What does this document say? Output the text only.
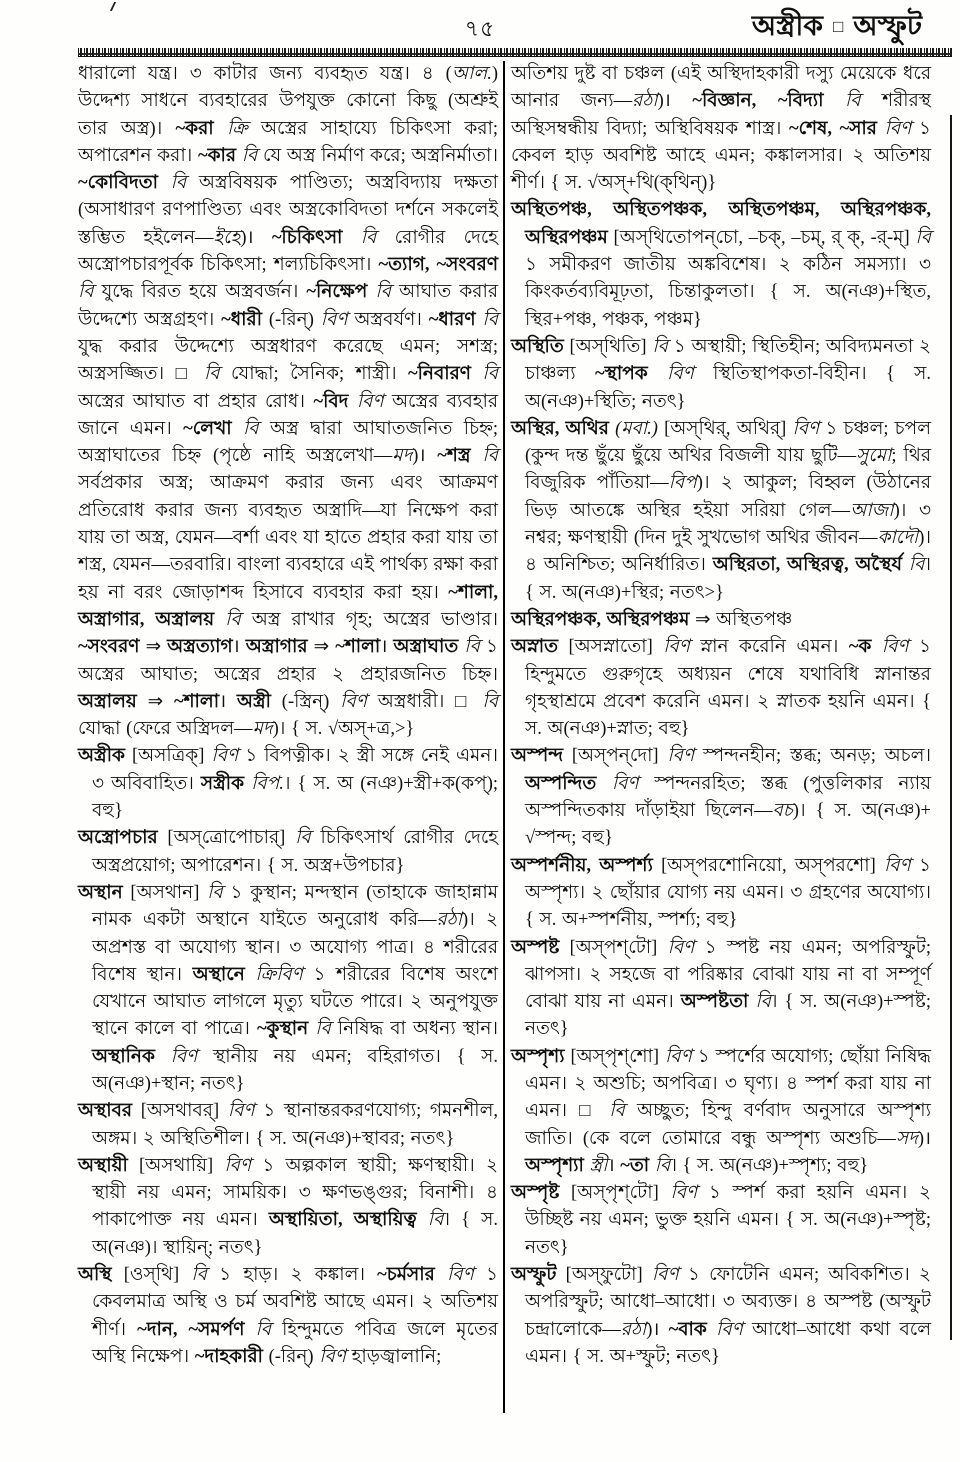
৭৫	অস্ত্রীক □ অস্ফুট

ধারালো যন্ত্র। ৩ কাটার জন্য ব্যবহৃত যন্ত্র। ৪ (আল.) উদ্দেশ্য সাধনে ব্যবহারের উপযুক্ত কোনো কিছু (অশ্রুই তার অস্ত্র)। ~করা ক্রি অস্ত্রের সাহায্যে চিকিৎসা করা; অপারেশন করা। ~কার বি যে অস্ত্র নির্মাণ করে; অস্ত্রনির্মাতা। ~কোবিদতা বি অস্ত্রবিষয়ক পাণ্ডিত্য; অস্ত্রবিদ্যায় দক্ষতা (অসাধারণ রণপাণ্ডিত্য এবং অস্ত্রকোবিদতা দর্শনে সকলেই স্তম্ভিত হইলেন—ইহে)। ~চিকিৎসা বি রোগীর দেহে অস্ত্রোপচারপূর্বক চিকিৎসা; শল্যচিকিৎসা। ~ত্যাগ, ~সংবরণ বি যুদ্ধে বিরত হয়ে অস্ত্রবর্জন। ~নিক্ষেপ বি আঘাত করার উদ্দেশ্যে অস্ত্রগ্রহণ। ~ধারী (-রিন্) বিণ অস্ত্রবর্যণ। ~ধারণ বি যুদ্ধ করার উদ্দেশ্যে অস্ত্রধারণ করেছে এমন; সশস্ত্র; অস্ত্রসজ্জিত। □ বি যোদ্ধা; সৈনিক; শাস্ত্রী। ~নিবারণ বি অস্ত্রের আঘাত বা প্রহার রোধ। ~বিদ বিণ অস্ত্রের ব্যবহার জানে এমন। ~লেখা বি অস্ত্র দ্বারা আঘাতজনিত চিহ্ন; অস্ত্রাঘাতের চিহ্ন (পৃষ্ঠে নাহি অস্ত্রলেখা—মদ)। ~শস্ত্র বি সর্বপ্রকার অস্ত্র; আক্রমণ করার জন্য এবং আক্রমণ প্রতিরোধ করার জন্য ব্যবহৃত অস্ত্রাদি—যা নিক্ষেপ করা যায় তা অস্ত্র, যেমন—বর্শা এবং যা হাতে প্রহার করা যায় তা শস্ত্র, যেমন—তরবারি। বাংলা ব্যবহারে এই পার্থক্য রক্ষা করা হয় না বরং জোড়াশব্দ হিসাবে ব্যবহার করা হয়। ~শালা, অস্ত্রাগার, অস্ত্রালয় বি অস্ত্র রাখার গৃহ; অস্ত্রের ভাণ্ডার। ~সংবরণ ⇒ অস্ত্রত্যাগ। অস্ত্রাগার ⇒ ~শালা। অস্ত্রাঘাত বি ১ অস্ত্রের আঘাত; অস্ত্রের প্রহার ২ প্রহারজনিত চিহ্ন। অস্ত্রালয় ⇒ ~শালা। অস্ত্রী (-স্ত্রিন্) বিণ অস্ত্রধারী। □ বি যোদ্ধা (ফেরে অস্ত্রিদল—মদ)। { স. √অস্+ত্র,>}

অস্ত্রীক [অসত্রিক্] বিণ ১ বিপত্নীক। ২ স্ত্রী সঙ্গে নেই এমন। ৩ অবিবাহিত। সস্ত্রীক বিপ.। { স. অ (নঞ)+স্ত্রী+ক(কপ্); বহু}

অস্ত্রোপচার [অস্‌ত্রোপোচার্] বি চিকিৎসার্থ রোগীর দেহে অস্ত্রপ্রয়োগ; অপারেশন। { স. অস্ত্র+উপচার}

অস্থান [অসথান] বি ১ কুস্থান; মন্দস্থান (তাহাকে জাহান্নাম নামক একটা অস্থানে যাইতে অনুরোধ করি—রঠা)। ২ অপ্রশস্ত বা অযোগ্য স্থান। ৩ অযোগ্য পাত্র। ৪ শরীরের বিশেষ স্থান। অস্থানে ক্রিবিণ ১ শরীরের বিশেষ অংশে যেখানে আঘাত লাগলে মৃত্যু ঘটতে পারে। ২ অনুপযুক্ত স্থানে কালে বা পাত্রে। ~কুস্থান বি নিষিদ্ধ বা অধন্য স্থান। অস্থানিক বিণ স্থানীয় নয় এমন; বহিরাগত। { স. অ(নঞ)+স্থান; নতৎ}

অস্থাবর [অসথাবর্] বিণ ১ স্থানান্তরকরণযোগ্য; গমনশীল, অঙ্গম। ২ অস্থিতিশীল। { স. অ(নঞ)+স্থাবর; নতৎ}

অস্থায়ী [অসথায়ি] বিণ ১ অল্পকাল স্থায়ী; ক্ষণস্থায়ী। ২ স্থায়ী নয় এমন; সাময়িক। ৩ ক্ষণভঙ্গুর; বিনাশী। ৪ পাকাপোক্ত নয় এমন। অস্থায়িতা, অস্থায়িত্ব বি। { স. অ(নঞ)। স্থায়িন্; নতৎ}

অস্থি [ওস্‌থি] বি ১ হাড়। ২ কঙ্কাল। ~চর্মসার বিণ ১ কেবলমাত্র অস্থি ও চর্ম অবশিষ্ট আছে এমন। ২ অতিশয় শীর্ণ। ~দান, ~সমর্পণ বি হিন্দুমতে পবিত্র জলে মৃতের অস্থি নিক্ষেপ। ~দাহকারী (-রিন্) বিণ হাড়জ্বালানি;

অতিশয় দুষ্ট বা চঞ্চল (এই অস্থিদাহকারী দস্যু মেয়েকে ধরে আনার জন্য—রঠা)। ~বিজ্ঞান, ~বিদ্যা বি শরীরস্থ অস্থিসম্বন্ধীয় বিদ্যা; অস্থিবিষয়ক শাস্ত্র। ~শেষ, ~সার বিণ ১ কেবল হাড় অবশিষ্ট আহে এমন; কঙ্কালসার। ২ অতিশয় শীর্ণ। { স. √অস্+থি(ক্‌থিন্)}

অস্থিতপঞ্চ, অস্থিতপঞ্চক, অস্থিতপঞ্চম, অস্থিরপঞ্চক, অস্থিরপঞ্চম [অস্‌থিতোপন্‌চো, –চক্, –চম্, র্ ক্, -র্-ম্] বি ১ সমীকরণ জাতীয় অঙ্কবিশেষ। ২ কঠিন সমস্যা। ৩ কিংকর্তব্যবিমূঢ়তা, চিন্তাকুলতা। { স. অ(নঞ)+স্থিত, স্থির+পঞ্চ, পঞ্চক, পঞ্চম}

অস্থিতি [অস্‌থিতি] বি ১ অস্থায়ী; স্থিতিহীন; অবিদ্যমনতা ২ চাঞ্চল্য ~স্থাপক বিণ স্থিতিস্থাপকতা-বিহীন। { স. অ(নঞ)+স্থিতি; নতৎ}

অস্থির, অথির (মবা.) [অস্‌থির্, অথির্] বিণ ১ চঞ্চল; চপল (কুন্দ দন্ত ছুঁয়ে ছুঁয়ে অথির বিজলী যায় ছুটি—সুমো; থির বিজুরিক পাঁতিয়া—বিপ)। ২ আকুল; বিহ্বল (উঠানের ভিড় আতঙ্কে অস্থির হইয়া সরিয়া গেল—আজা)। ৩ নশ্বর; ক্ষণস্থায়ী (দিন দুই সুখভোগ অথির জীবন—কাদৌ)। ৪ অনিশ্চিত; অনির্ধারিত। অস্থিরতা, অস্থিরত্ব, অস্থৈর্য বি। { স. অ(নঞ)+স্থির; নতৎ>}

অস্থিরপঞ্চক, অস্থিরপঞ্চম ⇒ অস্থিতপঞ্চ

অস্নাত [অসস্নাতো] বিণ স্নান করেনি এমন। ~ক বিণ ১ হিন্দুমতে গুরুগৃহে অধ্যয়ন শেষে যথাবিধি স্নানান্তর গৃহস্থাশ্রমে প্রবেশ করেনি এমন। ২ স্নাতক হয়নি এমন। { স. অ(নঞ)+স্নাত; বহু}

অস্পন্দ [অস্‌পন্‌দো] বিণ স্পন্দনহীন; স্তব্ধ; অনড়; অচল। অস্পন্দিত বিণ স্পন্দনরহিত; স্তব্ধ (পুত্তলিকার ন্যায় অস্পন্দিতকায় দাঁড়াইয়া ছিলেন—বচ)। { স. অ(নঞ)+ √স্পন্দ; বহু}

অস্পর্শনীয়, অস্পর্শ্য [অস্‌পরশোনিয়ো, অস্‌পরশো] বিণ ১ অস্পৃশ্য। ২ ছোঁয়ার যোগ্য নয় এমন। ৩ গ্রহণের অযোগ্য। { স. অ+স্পর্শনীয়, স্পর্শ্য; বহু}

অস্পষ্ট [অস্‌পশ্‌টো] বিণ ১ স্পষ্ট নয় এমন; অপরিস্ফুট; ঝাপসা। ২ সহজে বা পরিষ্কার বোঝা যায় না বা সম্পূর্ণ বোঝা যায় না এমন। অস্পষ্টতা বি। { স. অ(নঞ)+স্পষ্ট; নতৎ}

অস্পৃশ্য [অস্‌পৃশ্‌শো] বিণ ১ স্পর্শের অযোগ্য; ছোঁয়া নিষিদ্ধ এমন। ২ অশুচি; অপবিত্র। ৩ ঘৃণ্য। ৪ স্পর্শ করা যায় না এমন। □ বি অচ্ছুত; হিন্দু বর্ণবাদ অনুসারে অস্পৃশ্য জাতি। (কে বলে তোমারে বন্ধু অস্পৃশ্য অশুচি—সদ)। অস্পৃশ্যা স্ত্রী। ~তা বি। { স. অ(নঞ)+স্পৃশ্য; বহু}

অস্পৃষ্ট [অস্‌পৃশ্‌টো] বিণ ১ স্পর্শ করা হয়নি এমন। ২ উচ্ছিষ্ট নয় এমন; ভুক্ত হয়নি এমন। { স. অ(নঞ)+স্পৃষ্ট; নতৎ}

অস্ফুট [অস্‌ফুটো] বিণ ১ ফোটেনি এমন; অবিকশিত। ২ অপরিস্ফুট; আধো–আধো। ৩ অব্যক্ত। ৪ অস্পষ্ট (অস্ফুট চন্দ্রালোকে—রঠা)। ~বাক বিণ আধো–আধো কথা বলে এমন। { স. অ+স্ফুট; নতৎ}
